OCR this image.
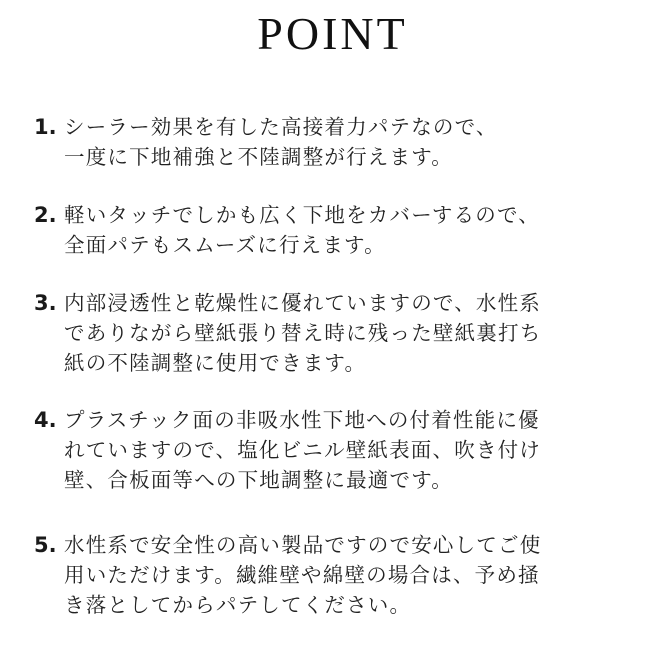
POINT
1. シーラー効果を有した高接着力パテなので、
一度に下地補強と不陸調整が行えます。
2. 軽いタッチでしかも広く下地をカバーするので、
全面パテもスムーズに行えます。
3. 内部浸透性と乾燥性に優れていますので、水性系
でありながら壁紙張り替え時に残った壁紙裏打ち
紙の不陸調整に使用できます。
4. プラスチック面の非吸水性下地への付着性能に優
れていますので、塩化ビニル壁紙表面、吹き付け
壁、合板面等への下地調整に最適です。
5. 水性系で安全性の高い製品ですので安心してご使
用いただけます。繊維壁や綿壁の場合は、予め掻
き落としてからパテしてください。
